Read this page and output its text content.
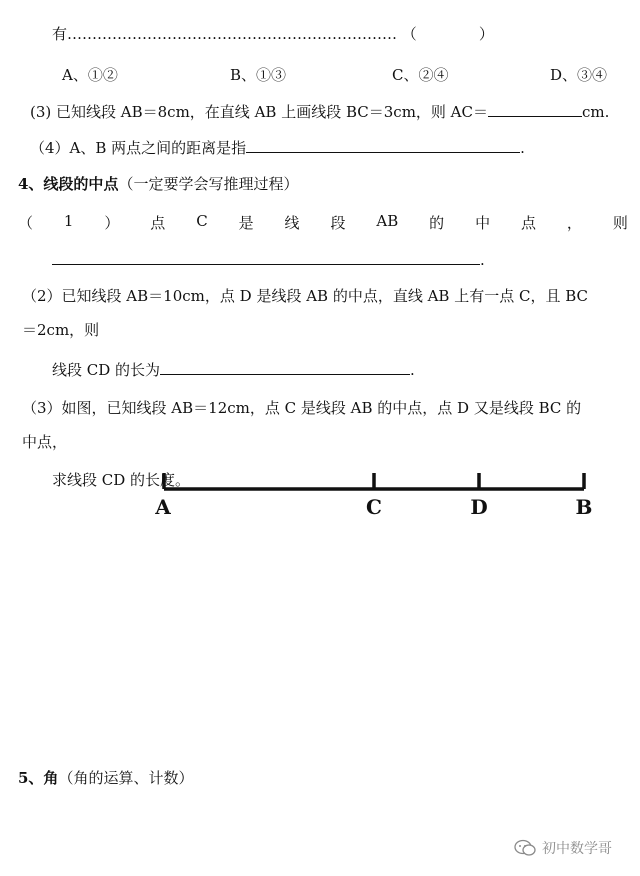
有………………………………………………………… （	）
A、①②	B、①③	C、②④	D、③④
(3) 已知线段 AB＝8cm，在直线 AB 上画线段 BC＝3cm，则 AC＝	cm.
（4）A、B 两点之间的距离是指	.
4、线段的中点（一定要学会写推理过程）
（ 1 ） 点 C 是 线 段 AB 的 中 点 ， 则
.
（2）已知线段 AB＝10cm，点 D 是线段 AB 的中点，直线 AB 上有一点 C，且 BC
＝2cm，则
线段 CD 的长为	.
（3）如图，已知线段 AB＝12cm，点 C 是线段 AB 的中点，点 D 又是线段 BC 的
中点，
求线段 CD 的长度。
A	C	D	B
5、角（角的运算、计数）
初中数学哥
